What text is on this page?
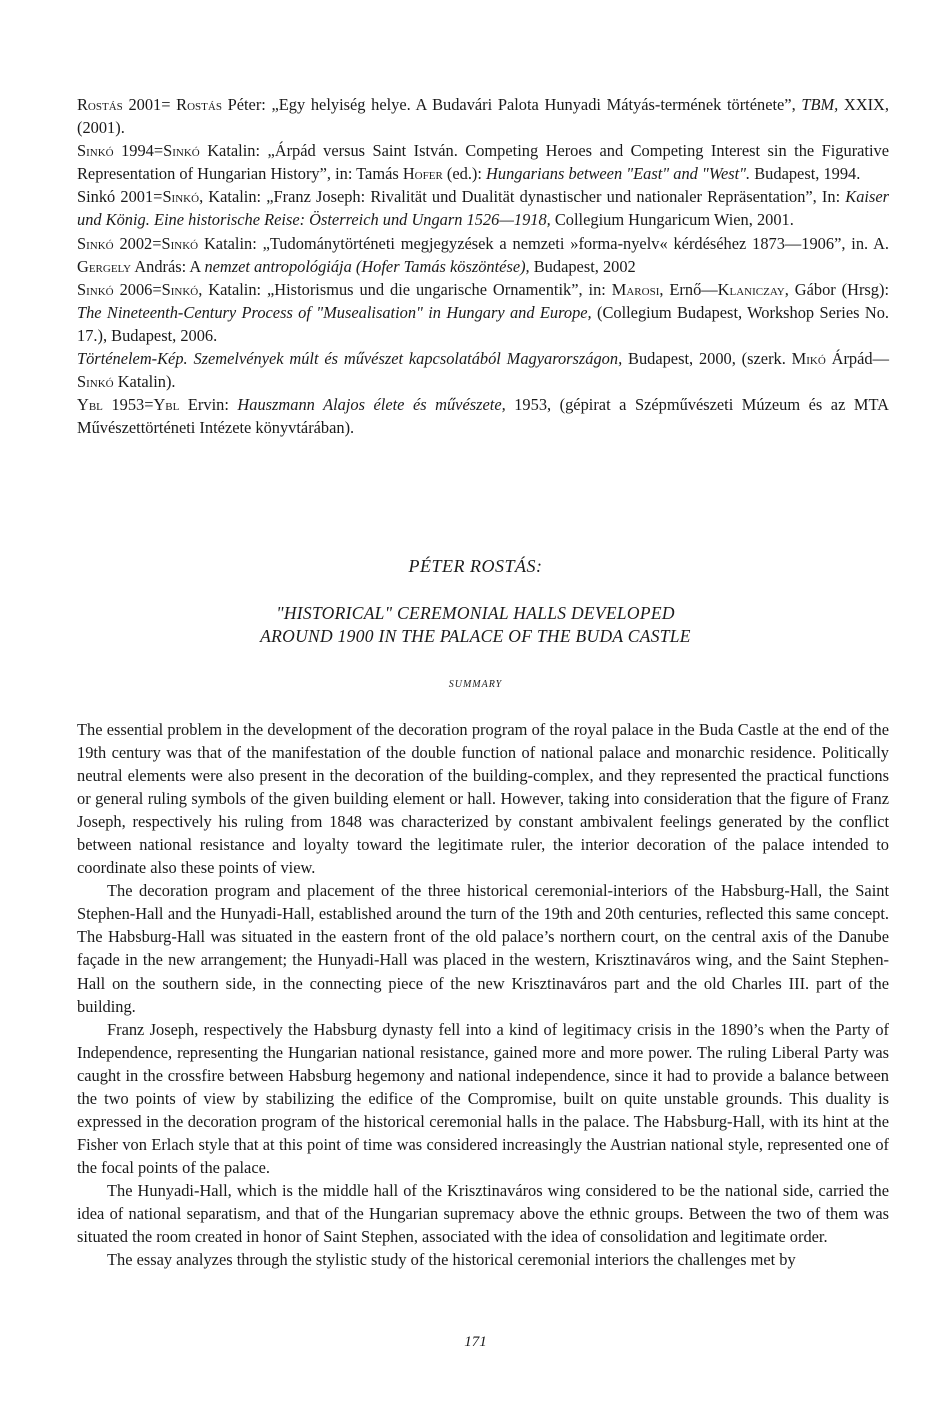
Rostás 2001= Rostás Péter: „Egy helyiség helye. A Budavári Palota Hunyadi Mátyás-termének története”, TBM, XXIX, (2001).

Sinkó 1994=Sinkó Katalin: „Árpád versus Saint István. Competing Heroes and Competing Interest sin the Figurative Representation of Hungarian History”, in: Tamás Hofer (ed.): Hungarians between "East" and "West". Budapest, 1994.

Sinkó 2001=Sinkó, Katalin: „Franz Joseph: Rivalität und Dualität dynastischer und nationaler Repräsentation”, In: Kaiser und König. Eine historische Reise: Österreich und Ungarn 1526—1918, Collegium Hungaricum Wien, 2001.

Sinkó 2002=Sinkó Katalin: „Tudománytörténeti megjegyzések a nemzeti »forma-nyelv« kérdéséhez 1873—1906”, in. A. Gergely András: A nemzet antropológiája (Hofer Tamás köszöntése), Budapest, 2002

Sinkó 2006=Sinkó, Katalin: „Historismus und die ungarische Ornamentik”, in: Marosi, Ernő—Klaniczay, Gábor (Hrsg): The Nineteenth-Century Process of "Musealisation" in Hungary and Europe, (Collegium Budapest, Workshop Series No. 17.), Budapest, 2006.

Történelem-Kép. Szemelvények múlt és művészet kapcsolatából Magyarországon, Budapest, 2000, (szerk. Mikó Árpád—Sinkó Katalin).

Ybl 1953=Ybl Ervin: Hauszmann Alajos élete és művészete, 1953, (gépirat a Szépművészeti Múzeum és az MTA Művészettörténeti Intézete könyvtárában).

PÉTER ROSTÁS:
"HISTORICAL" CEREMONIAL HALLS DEVELOPED
AROUND 1900 IN THE PALACE OF THE BUDA CASTLE
SUMMARY

The essential problem in the development of the decoration program of the royal palace in the Buda Castle at the end of the 19th century was that of the manifestation of the double function of national palace and monarchic residence. Politically neutral elements were also present in the decoration of the building-complex, and they represented the practical functions or general ruling symbols of the given building element or hall. However, taking into consideration that the figure of Franz Joseph, respectively his ruling from 1848 was characterized by constant ambivalent feelings generated by the conflict between national resistance and loyalty toward the legitimate ruler, the interior decoration of the palace intended to coordinate also these points of view.

The decoration program and placement of the three historical ceremonial-interiors of the Habsburg-Hall, the Saint Stephen-Hall and the Hunyadi-Hall, established around the turn of the 19th and 20th centuries, reflected this same concept. The Habsburg-Hall was situated in the eastern front of the old palace’s northern court, on the central axis of the Danube façade in the new arrangement; the Hunyadi-Hall was placed in the western, Krisztinaváros wing, and the Saint Stephen-Hall on the southern side, in the connecting piece of the new Krisztinaváros part and the old Charles III. part of the building.

Franz Joseph, respectively the Habsburg dynasty fell into a kind of legitimacy crisis in the 1890’s when the Party of Independence, representing the Hungarian national resistance, gained more and more power. The ruling Liberal Party was caught in the crossfire between Habsburg hegemony and national independence, since it had to provide a balance between the two points of view by stabilizing the edifice of the Compromise, built on quite unstable grounds. This duality is expressed in the decoration program of the historical ceremonial halls in the palace. The Habsburg-Hall, with its hint at the Fisher von Erlach style that at this point of time was considered increasingly the Austrian national style, represented one of the focal points of the palace.

The Hunyadi-Hall, which is the middle hall of the Krisztinaváros wing considered to be the national side, carried the idea of national separatism, and that of the Hungarian supremacy above the ethnic groups. Between the two of them was situated the room created in honor of Saint Stephen, associated with the idea of consolidation and legitimate order.

The essay analyzes through the stylistic study of the historical ceremonial interiors the challenges met by

171
